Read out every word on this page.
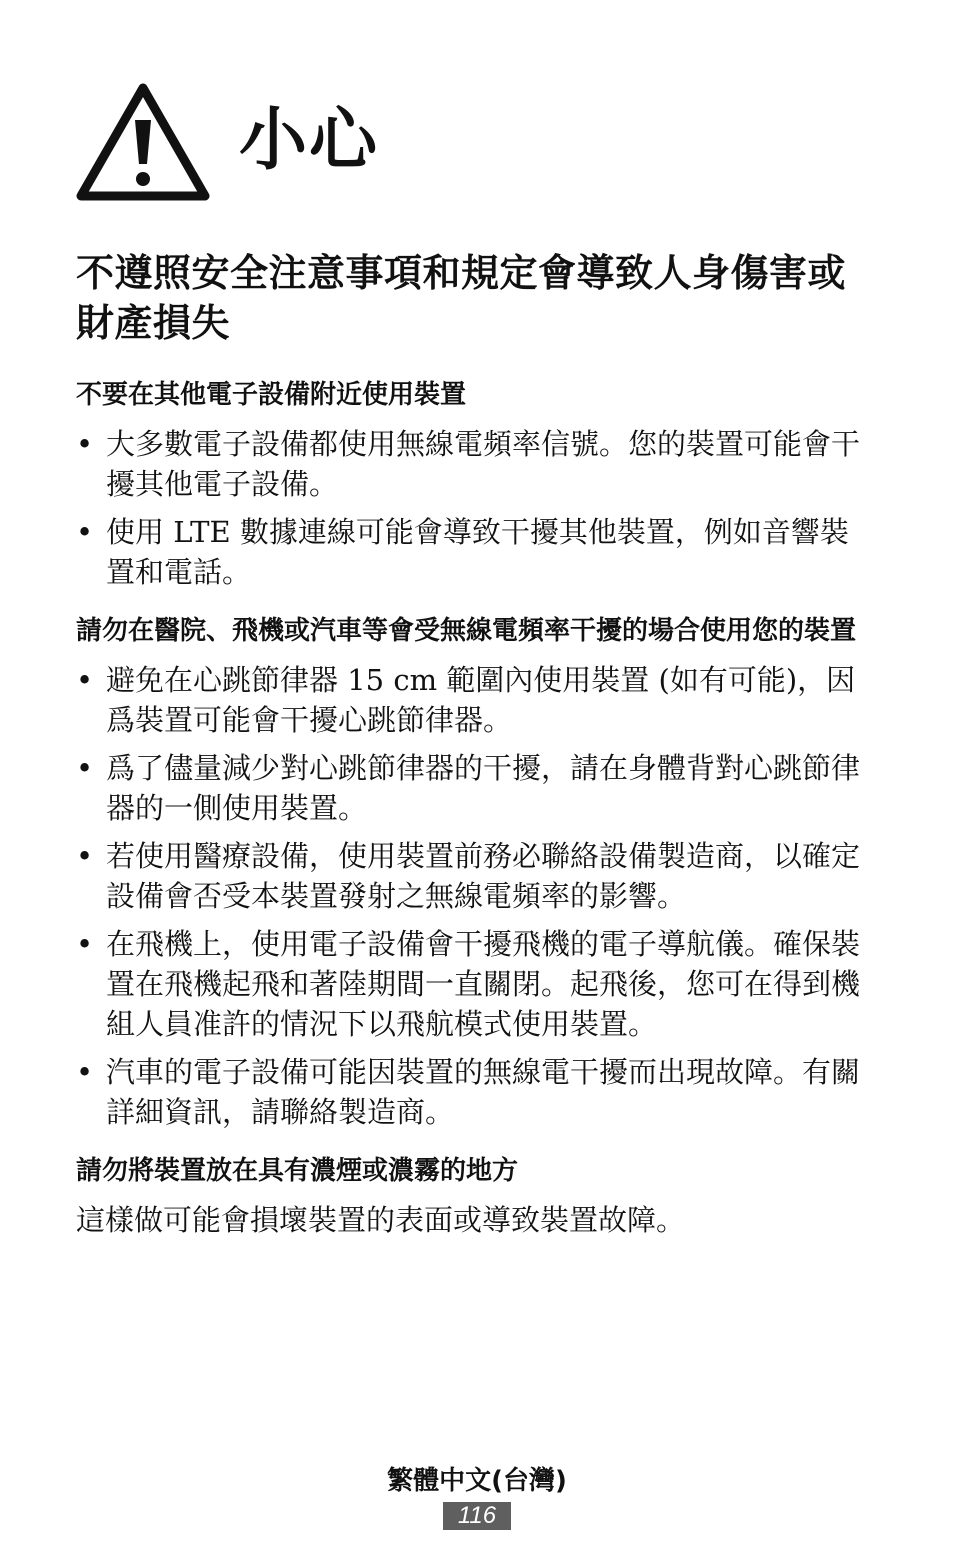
小心
不遵照安全注意事項和規定會導致人身傷害或財產損失
不要在其他電子設備附近使用裝置
• 大多數電子設備都使用無線電頻率信號。您的裝置可能會干擾其他電子設備。
• 使用 LTE 數據連線可能會導致干擾其他裝置，例如音響裝置和電話。
請勿在醫院、飛機或汽車等會受無線電頻率干擾的場合使用您的裝置
• 避免在心跳節律器 15 cm 範圍內使用裝置 (如有可能)，因爲裝置可能會干擾心跳節律器。
• 爲了儘量減少對心跳節律器的干擾，請在身體背對心跳節律器的一側使用裝置。
• 若使用醫療設備，使用裝置前務必聯絡設備製造商，以確定設備會否受本裝置發射之無線電頻率的影響。
• 在飛機上，使用電子設備會干擾飛機的電子導航儀。確保裝置在飛機起飛和著陸期間一直關閉。起飛後，您可在得到機組人員准許的情況下以飛航模式使用裝置。
• 汽車的電子設備可能因裝置的無線電干擾而出現故障。有關詳細資訊，請聯絡製造商。
請勿將裝置放在具有濃煙或濃霧的地方

這樣做可能會損壞裝置的表面或導致裝置故障。

繁體中文(台灣)
116
